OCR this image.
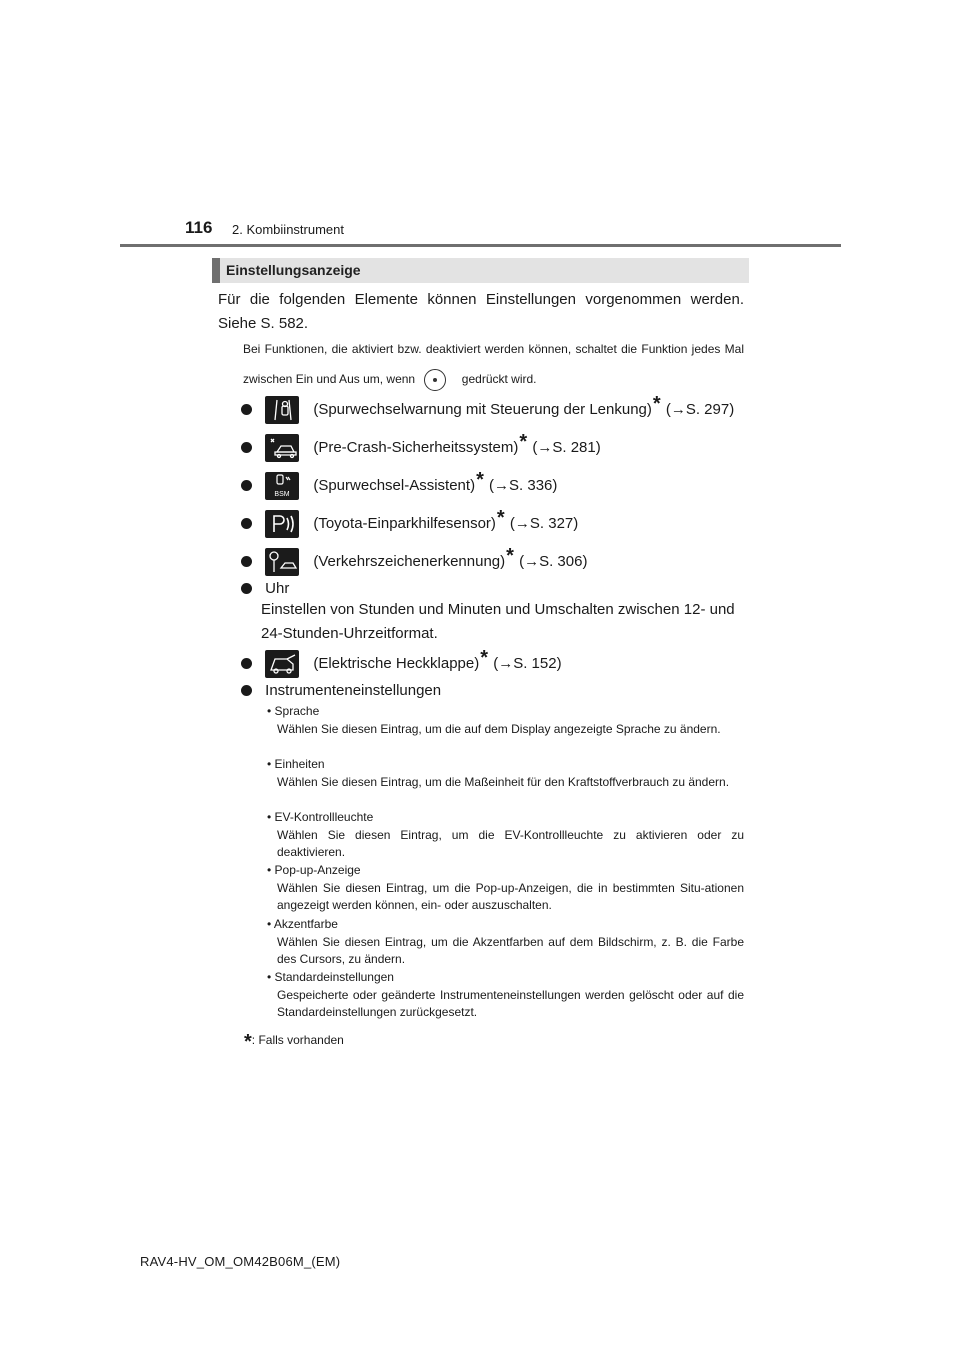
116 2. Kombiinstrument
Einstellungsanzeige
Für die folgenden Elemente können Einstellungen vorgenommen werden. Siehe S. 582.
Bei Funktionen, die aktiviert bzw. deaktiviert werden können, schaltet die Funktion jedes Mal zwischen Ein und Aus um, wenn	gedrückt wird.

(Spurwechselwarnung mit Steuerung der Lenkung)* (→S. 297)

(Pre-Crash-Sicherheitssystem)* (→S. 281)

BSM
(Spurwechsel-Assistent)* (→S. 336)

(Toyota-Einparkhilfesensor)* (→S. 327)

(Verkehrszeichenerkennung)* (→S. 306)
Uhr
Einstellen von Stunden und Minuten und Umschalten zwischen 12- und 24-Stunden-Uhrzeitformat.

(Elektrische Heckklappe)* (→S. 152)
Instrumenteneinstellungen
• Sprache
Wählen Sie diesen Eintrag, um die auf dem Display angezeigte Sprache zu ändern.
• Einheiten
Wählen Sie diesen Eintrag, um die Maßeinheit für den Kraftstoffverbrauch zu ändern.
• EV-Kontrollleuchte
Wählen Sie diesen Eintrag, um die EV-Kontrollleuchte zu aktivieren oder zu deaktivieren.
• Pop-up-Anzeige
Wählen Sie diesen Eintrag, um die Pop-up-Anzeigen, die in bestimmten Situ-ationen angezeigt werden können, ein- oder auszuschalten.
• Akzentfarbe
Wählen Sie diesen Eintrag, um die Akzentfarben auf dem Bildschirm, z. B. die Farbe des Cursors, zu ändern.
• Standardeinstellungen
Gespeicherte oder geänderte Instrumenteneinstellungen werden gelöscht oder auf die Standardeinstellungen zurückgesetzt.
*: Falls vorhanden
RAV4-HV_OM_OM42B06M_(EM)
